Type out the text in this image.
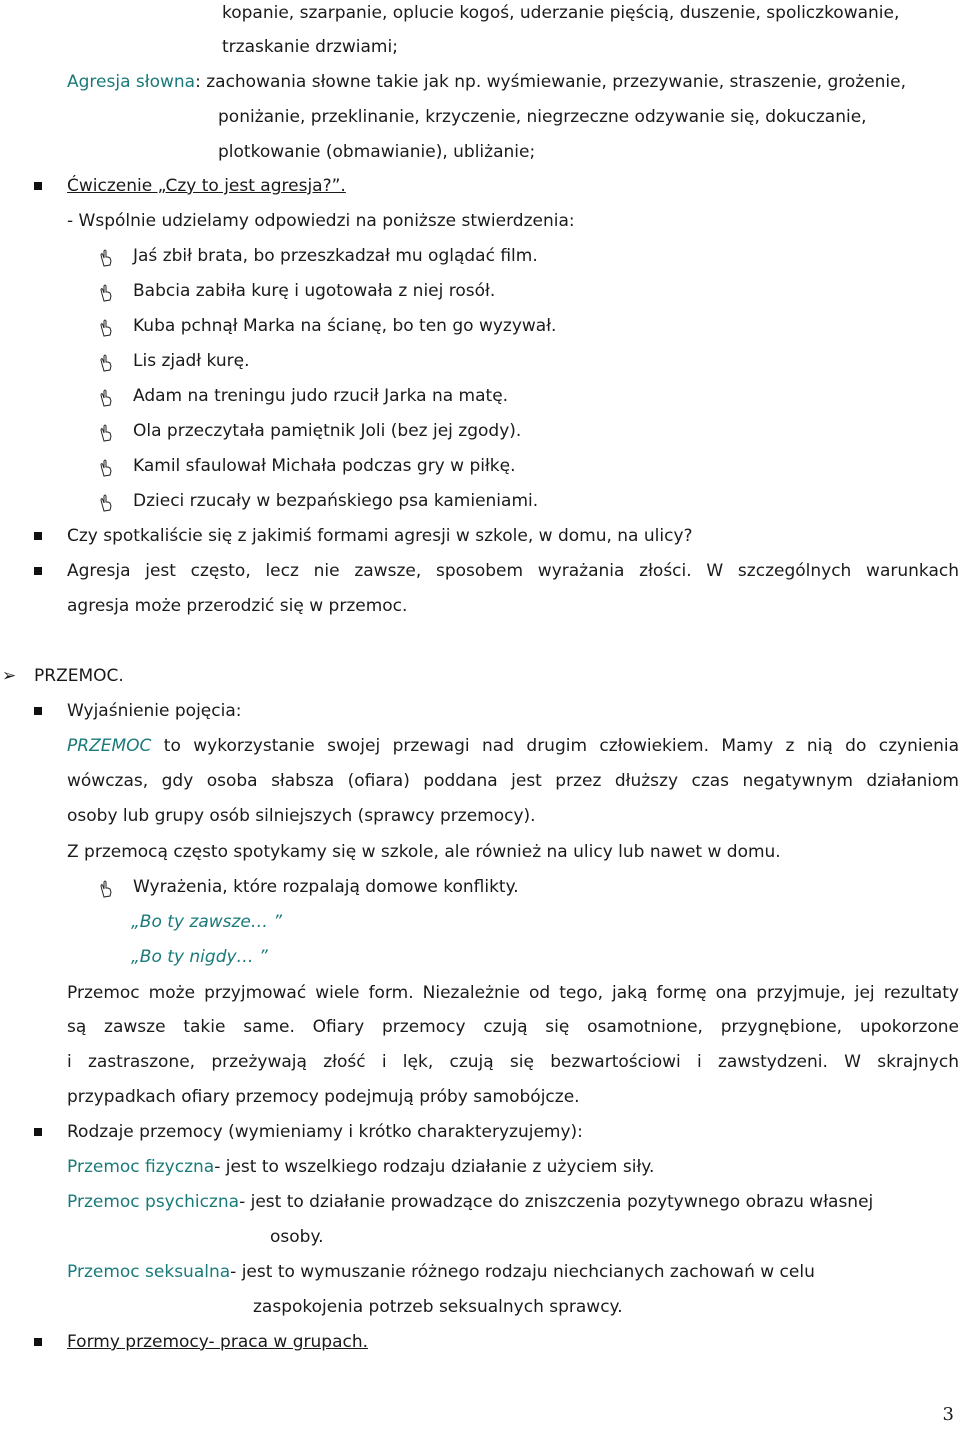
kopanie, szarpanie, oplucie kogoś, uderzanie pięścią, duszenie, spoliczkowanie,
trzaskanie drzwiami;
Agresja słowna: zachowania słowne takie jak np. wyśmiewanie, przezywanie, straszenie, grożenie,
poniżanie, przeklinanie, krzyczenie, niegrzeczne odzywanie się, dokuczanie,
plotkowanie (obmawianie), ubliżanie;
Ćwiczenie „Czy to jest agresja?”.
- Wspólnie udzielamy odpowiedzi na poniższe stwierdzenia:
Jaś zbił brata, bo przeszkadzał mu oglądać film.
Babcia zabiła kurę i ugotowała z niej rosół.
Kuba pchnął Marka na ścianę, bo ten go wyzywał.
Lis zjadł kurę.
Adam na treningu judo rzucił Jarka na matę.
Ola przeczytała pamiętnik Joli (bez jej zgody).
Kamil sfaulował Michała podczas gry w piłkę.
Dzieci rzucały w bezpańskiego psa kamieniami.
Czy spotkaliście się z jakimiś formami agresji w szkole, w domu, na ulicy?
Agresja jest często, lecz nie zawsze, sposobem wyrażania złości. W szczególnych warunkach
agresja może przerodzić się w przemoc.
➢ PRZEMOC.
Wyjaśnienie pojęcia:
PRZEMOC to wykorzystanie swojej przewagi nad drugim człowiekiem. Mamy z nią do czynienia
wówczas, gdy osoba słabsza (ofiara) poddana jest przez dłuższy czas negatywnym działaniom
osoby lub grupy osób silniejszych (sprawcy przemocy).
Z przemocą często spotykamy się w szkole, ale również na ulicy lub nawet w domu.
Wyrażenia, które rozpalają domowe konflikty.
„Bo ty zawsze… ”
„Bo ty nigdy… ”
Przemoc może przyjmować wiele form. Niezależnie od tego, jaką formę ona przyjmuje, jej rezultaty
są zawsze takie same. Ofiary przemocy czują się osamotnione, przygnębione, upokorzone
i zastraszone, przeżywają złość i lęk, czują się bezwartościowi i zawstydzeni. W skrajnych
przypadkach ofiary przemocy podejmują próby samobójcze.
Rodzaje przemocy (wymieniamy i krótko charakteryzujemy):
Przemoc fizyczna- jest to wszelkiego rodzaju działanie z użyciem siły.
Przemoc psychiczna- jest to działanie prowadzące do zniszczenia pozytywnego obrazu własnej
osoby.
Przemoc seksualna- jest to wymuszanie różnego rodzaju niechcianych zachowań w celu
zaspokojenia potrzeb seksualnych sprawcy.
Formy przemocy- praca w grupach.
3
